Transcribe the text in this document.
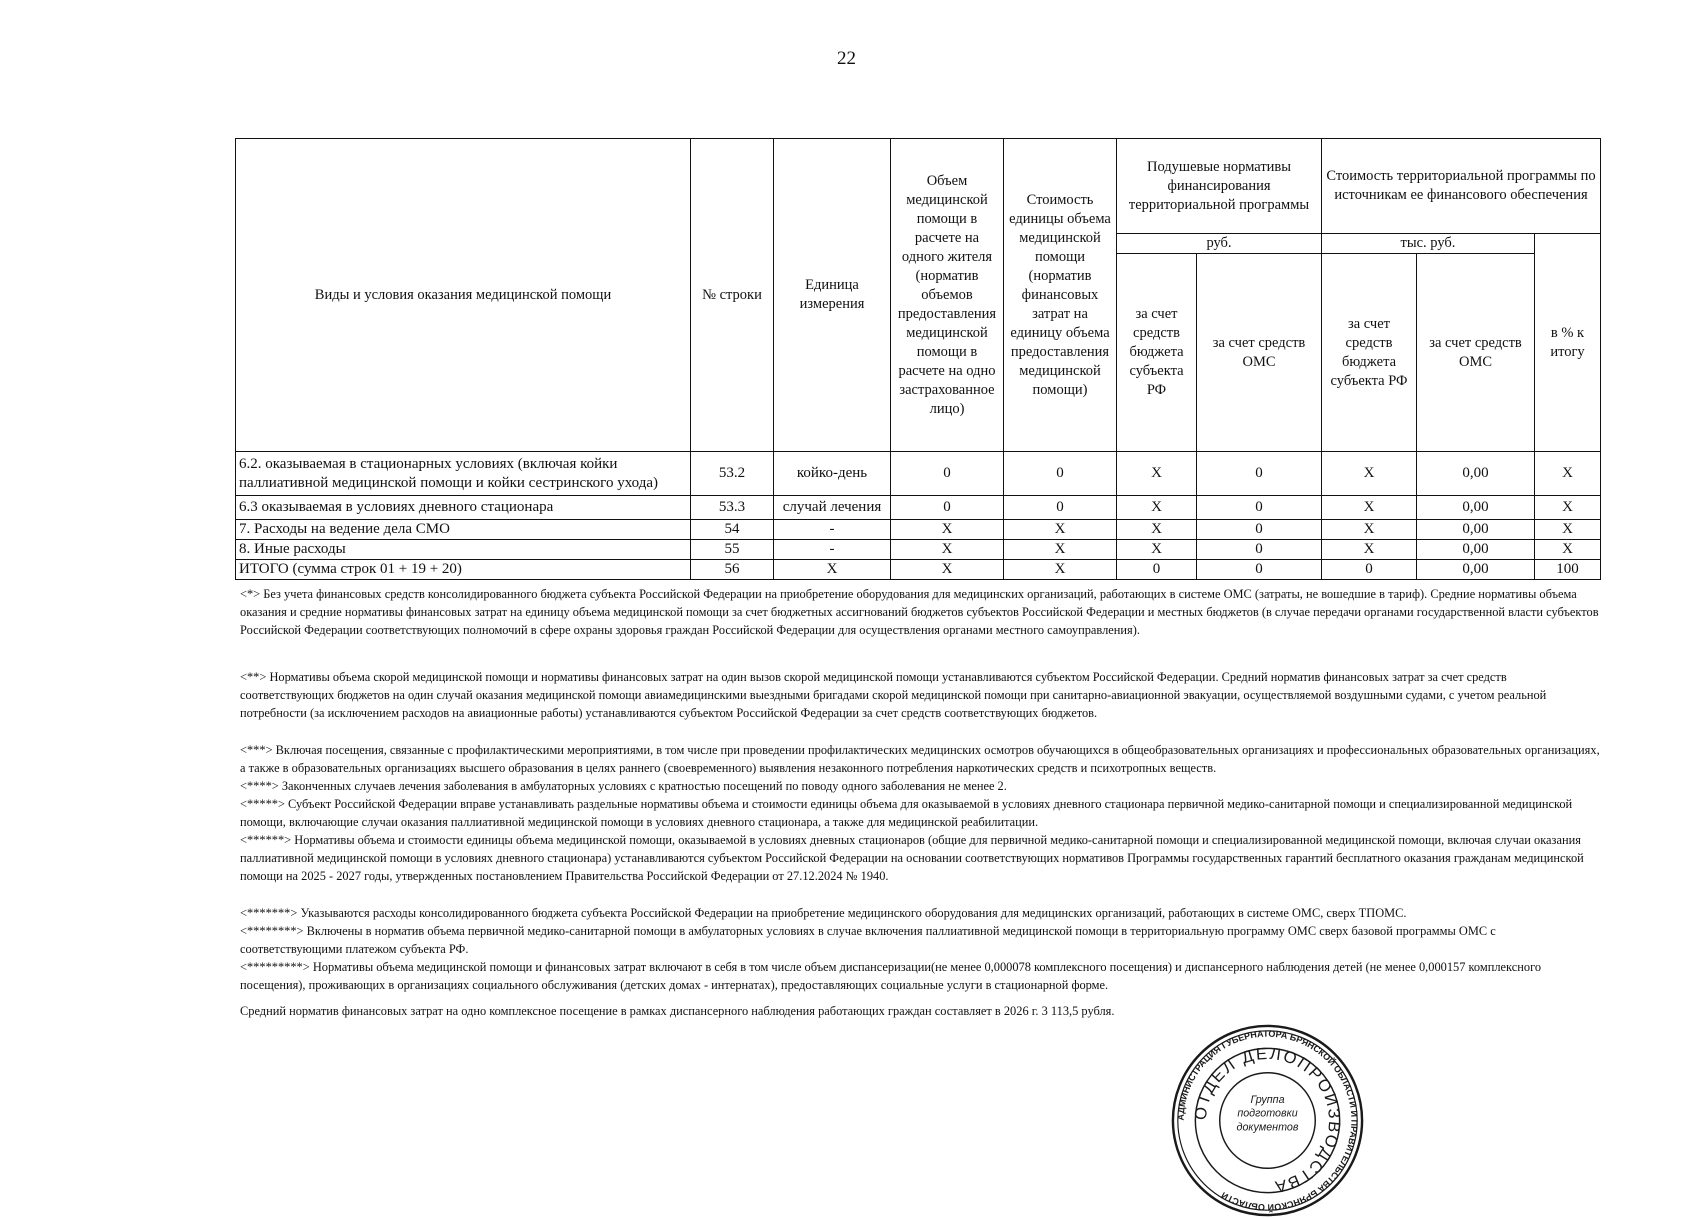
22
Виды и условия оказания медицинской помощи	№ строки	Единица измерения	Объем медицинской помощи в расчете на одного жителя (норматив объемов предоставления медицинской помощи в расчете на одно застрахованное лицо)	Стоимость единицы объема медицинской помощи (норматив финансовых затрат на единицу объема предоставления медицинской помощи)	Подушевые нормативы финансирования территориальной программы		Стоимость территориальной программы по источникам ее финансового обеспечения		
					руб.		тыс. руб.		в % к итогу
					за счет средств бюджета субъекта РФ	за счет средств ОМС	за счет средств бюджета субъекта РФ	за счет средств ОМС	
6.2. оказываемая в стационарных условиях (включая койки паллиативной медицинской помощи и койки сестринского ухода)	53.2	койко-день	0	0	Х	0	Х	0,00	Х
6.3 оказываемая в условиях дневного стационара	53.3	случай лечения	0	0	Х	0	Х	0,00	Х
7. Расходы на ведение дела СМО	54	-	Х	Х	Х	0	Х	0,00	Х
8. Иные расходы	55	-	Х	Х	Х	0	Х	0,00	Х
ИТОГО (сумма строк 01 + 19 + 20)	56	Х	Х	Х	0	0	0	0,00	100

<*> Без учета финансовых средств консолидированного бюджета субъекта Российской Федерации на приобретение оборудования для медицинских организаций, работающих в системе ОМС (затраты, не вошедшие в тариф). Средние нормативы объема оказания и средние нормативы финансовых затрат на единицу объема медицинской помощи за счет бюджетных ассигнований бюджетов субъектов Российской Федерации и местных бюджетов (в случае передачи органами государственной власти субъектов Российской Федерации соответствующих полномочий в сфере охраны здоровья граждан Российской Федерации для осуществления органами местного самоуправления).

<**> Нормативы объема скорой медицинской помощи и нормативы финансовых затрат на один вызов скорой медицинской помощи устанавливаются субъектом Российской Федерации. Средний норматив финансовых затрат за счет средств соответствующих бюджетов на один случай оказания медицинской помощи авиамедицинскими выездными бригадами скорой медицинской помощи при санитарно-авиационной эвакуации, осуществляемой воздушными судами, с учетом реальной потребности (за исключением расходов на авиационные работы) устанавливаются субъектом Российской Федерации за счет средств соответствующих бюджетов.

<***> Включая посещения, связанные с профилактическими мероприятиями, в том числе при проведении профилактических медицинских осмотров обучающихся в общеобразовательных организациях и профессиональных образовательных организациях, а также в образовательных организациях высшего образования в целях раннего (своевременного) выявления незаконного потребления наркотических средств и психотропных веществ.

<****> Законченных случаев лечения заболевания в амбулаторных условиях с кратностью посещений по поводу одного заболевания не менее 2.

<*****> Субъект Российской Федерации вправе устанавливать раздельные нормативы объема и стоимости единицы объема для оказываемой в условиях дневного стационара первичной медико-санитарной помощи и специализированной медицинской помощи, включающие случаи оказания паллиативной медицинской помощи в условиях дневного стационара, а также для медицинской реабилитации.

<******> Нормативы объема и стоимости единицы объема медицинской помощи, оказываемой в условиях дневных стационаров (общие для первичной медико-санитарной помощи и специализированной медицинской помощи, включая случаи оказания паллиативной медицинской помощи в условиях дневного стационара) устанавливаются субъектом Российской Федерации на основании соответствующих нормативов Программы государственных гарантий бесплатного оказания гражданам медицинской помощи на 2025 - 2027 годы, утвержденных постановлением Правительства Российской Федерации от 27.12.2024 № 1940.

<*******> Указываются расходы консолидированного бюджета субъекта Российской Федерации на приобретение медицинского оборудования для медицинских организаций, работающих в системе ОМС, сверх ТПОМС.

<********> Включены в норматив объема первичной медико-санитарной помощи в амбулаторных условиях в случае включения паллиативной медицинской помощи в территориальную программу ОМС сверх базовой программы ОМС с соответствующими платежом субъекта РФ.

<*********> Нормативы объема медицинской помощи и финансовых затрат включают в себя в том числе объем диспансеризации(не менее 0,000078 комплексного посещения) и диспансерного наблюдения детей (не менее 0,000157 комплексного посещения), проживающих в организациях социального обслуживания (детских домах - интернатах), предоставляющих социальные услуги в стационарной форме.

Средний норматив финансовых затрат на одно комплексное посещение в рамках диспансерного наблюдения работающих граждан составляет в 2026 г. 3 113,5 рубля.

АДМИНИСТРАЦИЯ ГУБЕРНАТОРА БРЯНСКОЙ ОБЛАСТИ И ПРАВИТЕЛЬСТВА БРЯНСКОЙ ОБЛАСТИ
ОТДЕЛ ДЕЛОПРОИЗВОДСТВА
Группа подготовки документов
